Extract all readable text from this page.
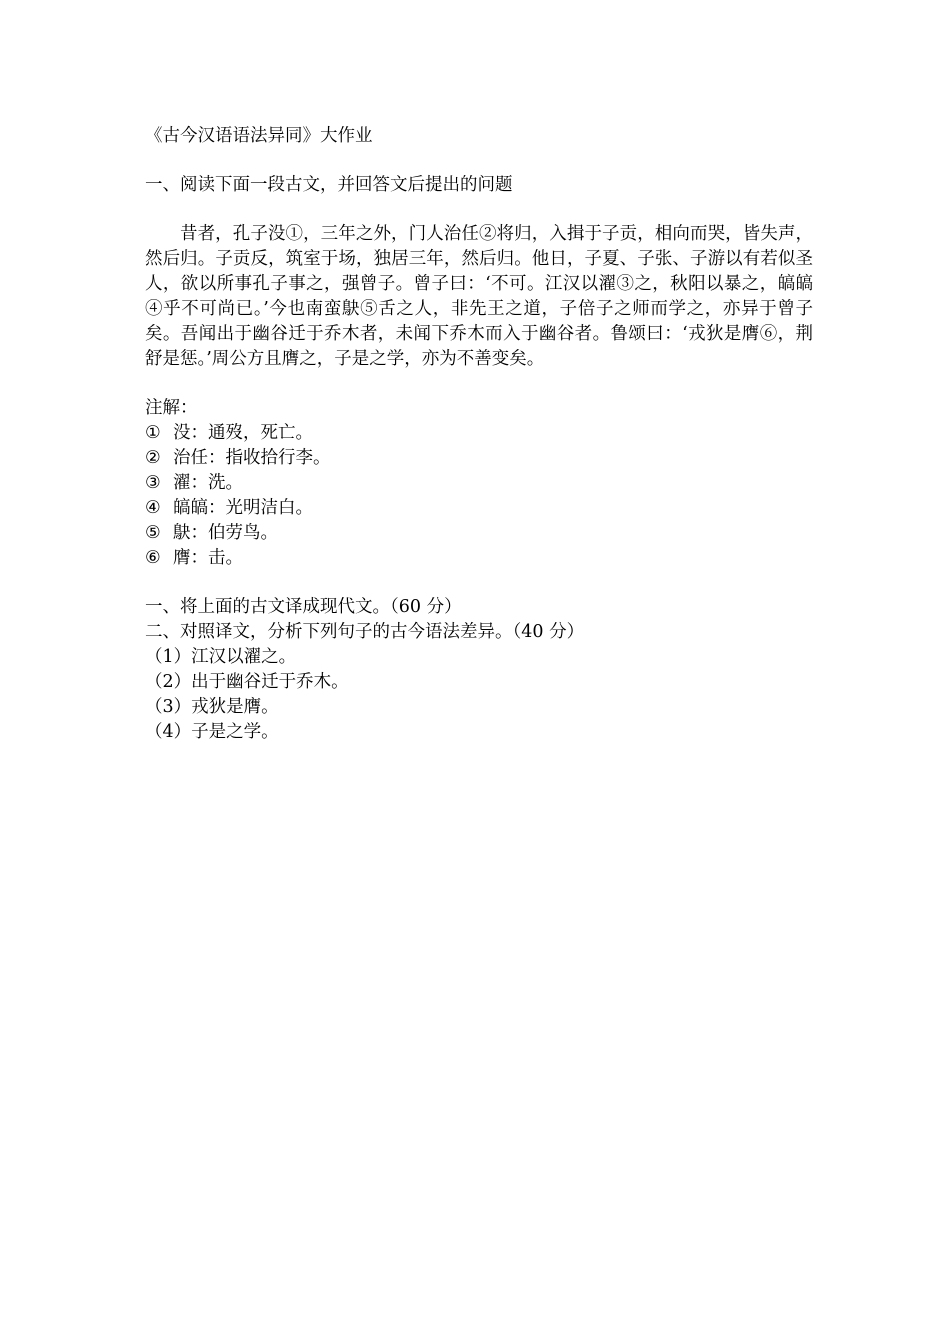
《古今汉语语法异同》大作业
一、阅读下面一段古文，并回答文后提出的问题
昔者，孔子没①，三年之外，门人治任②将归，入揖于子贡，相向而哭，皆失声，然后归。子贡反，筑室于场，独居三年，然后归。他日，子夏、子张、子游以有若似圣人，欲以所事孔子事之，强曾子。曾子曰：‘不可。江汉以濯③之，秋阳以暴之，皜皜④乎不可尚已。’今也南蛮鴃⑤舌之人，非先王之道，子倍子之师而学之，亦异于曾子矣。吾闻出于幽谷迁于乔木者，未闻下乔木而入于幽谷者。鲁颂曰：‘戎狄是膺⑥，荆舒是惩。’周公方且膺之，子是之学，亦为不善变矣。
注解：
① 没：通歿，死亡。
② 治任：指收拾行李。
③ 濯：洗。
④ 皜皜：光明洁白。
⑤ 鴃：伯劳鸟。
⑥ 膺：击。
一、将上面的古文译成现代文。（60 分）
二、对照译文，分析下列句子的古今语法差异。（40 分）
（1）江汉以濯之。
（2）出于幽谷迁于乔木。
（3）戎狄是膺。
（4）子是之学。
